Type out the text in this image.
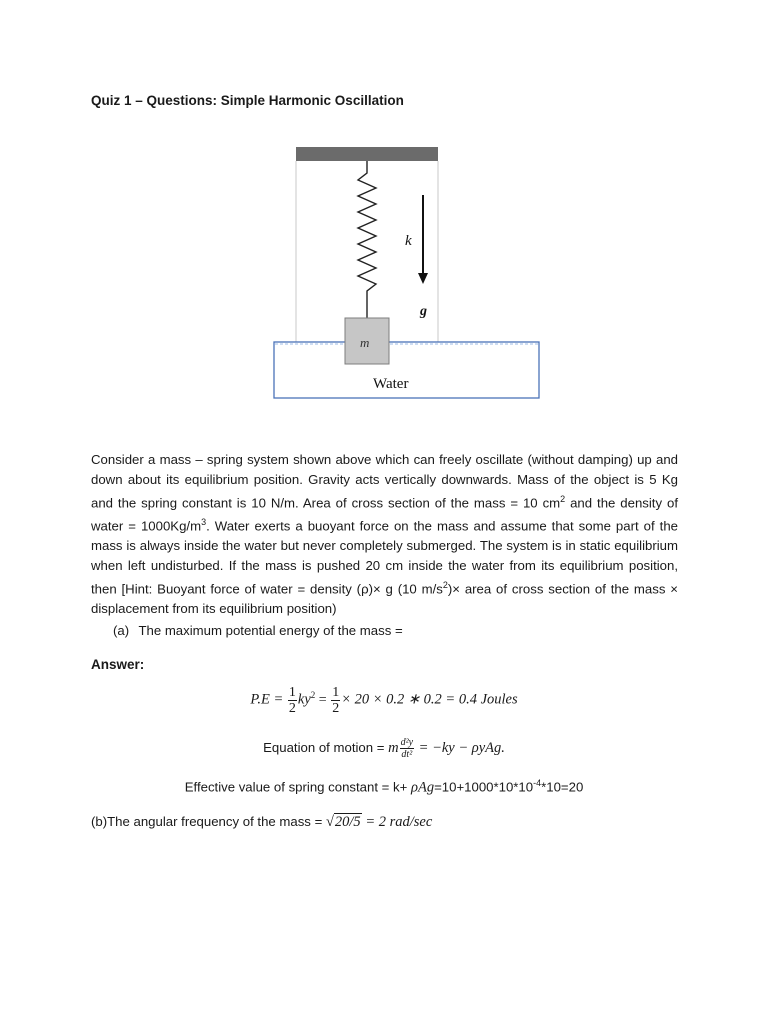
Quiz 1 – Questions: Simple Harmonic Oscillation
k
g
m
Water
Consider a mass – spring system shown above which can freely oscillate (without damping) up and down about its equilibrium position. Gravity acts vertically downwards. Mass of the object is 5 Kg and the spring constant is 10 N/m. Area of cross section of the mass = 10 $cm^2$ and the density of water = $1000Kg/m^3$. Water exerts a buoyant force on the mass and assume that some part of the mass is always inside the water but never completely submerged. The system is in static equilibrium when left undisturbed. If the mass is pushed 20 cm inside the water from its equilibrium position, then [Hint: Buoyant force of water = density (ρ)× g (10 $m/s^2)\times$ area of cross section of the mass × displacement from its equilibrium position)
(a) The maximum potential energy of the mass =
Answer:
$P.E = \frac{1}{2} ky^2 = \frac{1}{2} \times 20 \times 0.2$ ∗ 0.2 = 0.4 Joules
Equation of motion = m $\frac{\text{d²y}}{\text{dt²}} = -ky - \rho yAg$.
Effective value of spring constant = $k+ \rho Ag=10+1000*10*10^{-4}*10=20$
(b)The angular frequency of the mass = √20/5 = 2 rad/sec
